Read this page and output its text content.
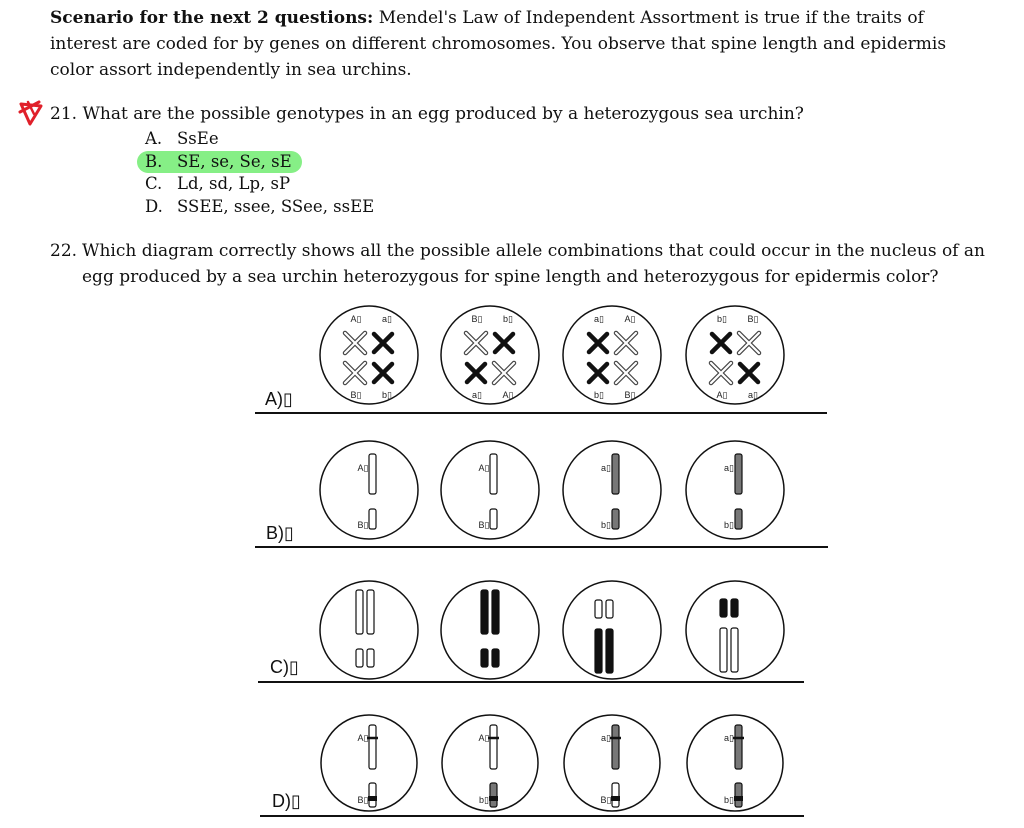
Scenario for the next 2 questions: Mendel's Law of Independent Assortment is true if the traits of interest are coded for by genes on different chromosomes. You observe that spine length and epidermis color assort independently in sea urchins.
21. What are the possible genotypes in an egg produced by a heterozygous sea urchin?
A. SsEe
B. SE, se, Se, sE
C. Ld, sd, Lp, sP
D. SSEE, ssee, SSee, ssEE
22. Which diagram correctly shows all the possible allele combinations that could occur in the nucleus of an egg produced by a sea urchin heterozygous for spine length and heterozygous for epidermis color?
A▯ a▯
B▯ b▯
B▯ b▯
a▯ A▯
a▯ A▯
b▯ B▯
b▯ B▯
A▯ a▯
A▯
B▯
A▯
B▯
a▯
b▯
a▯
b▯
A▯
B▯
A▯
b▯
a▯
B▯
a▯
b▯
A)▯
B)▯
C)▯
D)▯
